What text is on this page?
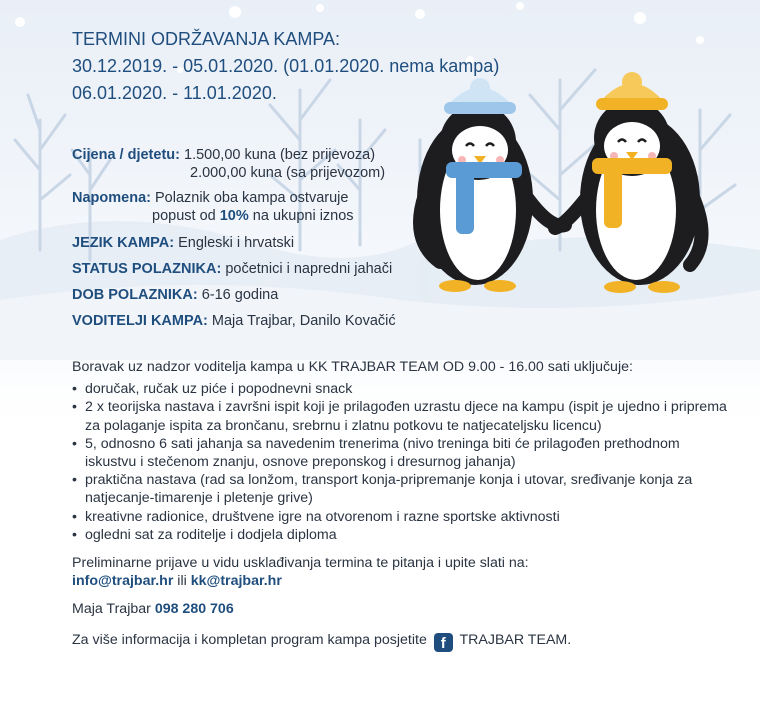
TERMINI ODRŽAVANJA KAMPA:
30.12.2019. - 05.01.2020. (01.01.2020. nema kampa)
06.01.2020. - 11.01.2020.
Cijena / djetetu: 1.500,00 kuna (bez prijevoza)
2.000,00 kuna (sa prijevozom)
Napomena: Polaznik oba kampa ostvaruje
popust od 10% na ukupni iznos
JEZIK KAMPA: Engleski i hrvatski
STATUS POLAZNIKA: početnici i napredni jahači
DOB POLAZNIKA: 6-16 godina
VODITELJI KAMPA: Maja Trajbar, Danilo Kovačić

Boravak uz nadzor voditelja kampa u KK TRAJBAR TEAM OD 9.00 - 16.00 sati uključuje:

• doručak, ručak uz piće i popodnevni snack
• 2 x teorijska nastava i završni ispit koji je prilagođen uzrastu djece na kampu (ispit je ujedno i priprema za polaganje ispita za brončanu, srebrnu i zlatnu potkovu te natjecateljsku licencu)
• 5, odnosno 6 sati jahanja sa navedenim trenerima (nivo treninga biti će prilagođen prethodnom iskustvu i stečenom znanju, osnove preponskog i dresurnog jahanja)
• praktična nastava (rad sa lonžom, transport konja-pripremanje konja i utovar, sređivanje konja za natjecanje-timarenje i pletenje grive)
• kreativne radionice, društvene igre na otvorenom i razne sportske aktivnosti
• ogledni sat za roditelje i dodjela diploma

Preliminarne prijave u vidu usklađivanja termina te pitanja i upite slati na:

info@trajbar.hr ili kk@trajbar.hr

Maja Trajbar 098 280 706

Za više informacija i kompletan program kampa posjetite f TRAJBAR TEAM.
